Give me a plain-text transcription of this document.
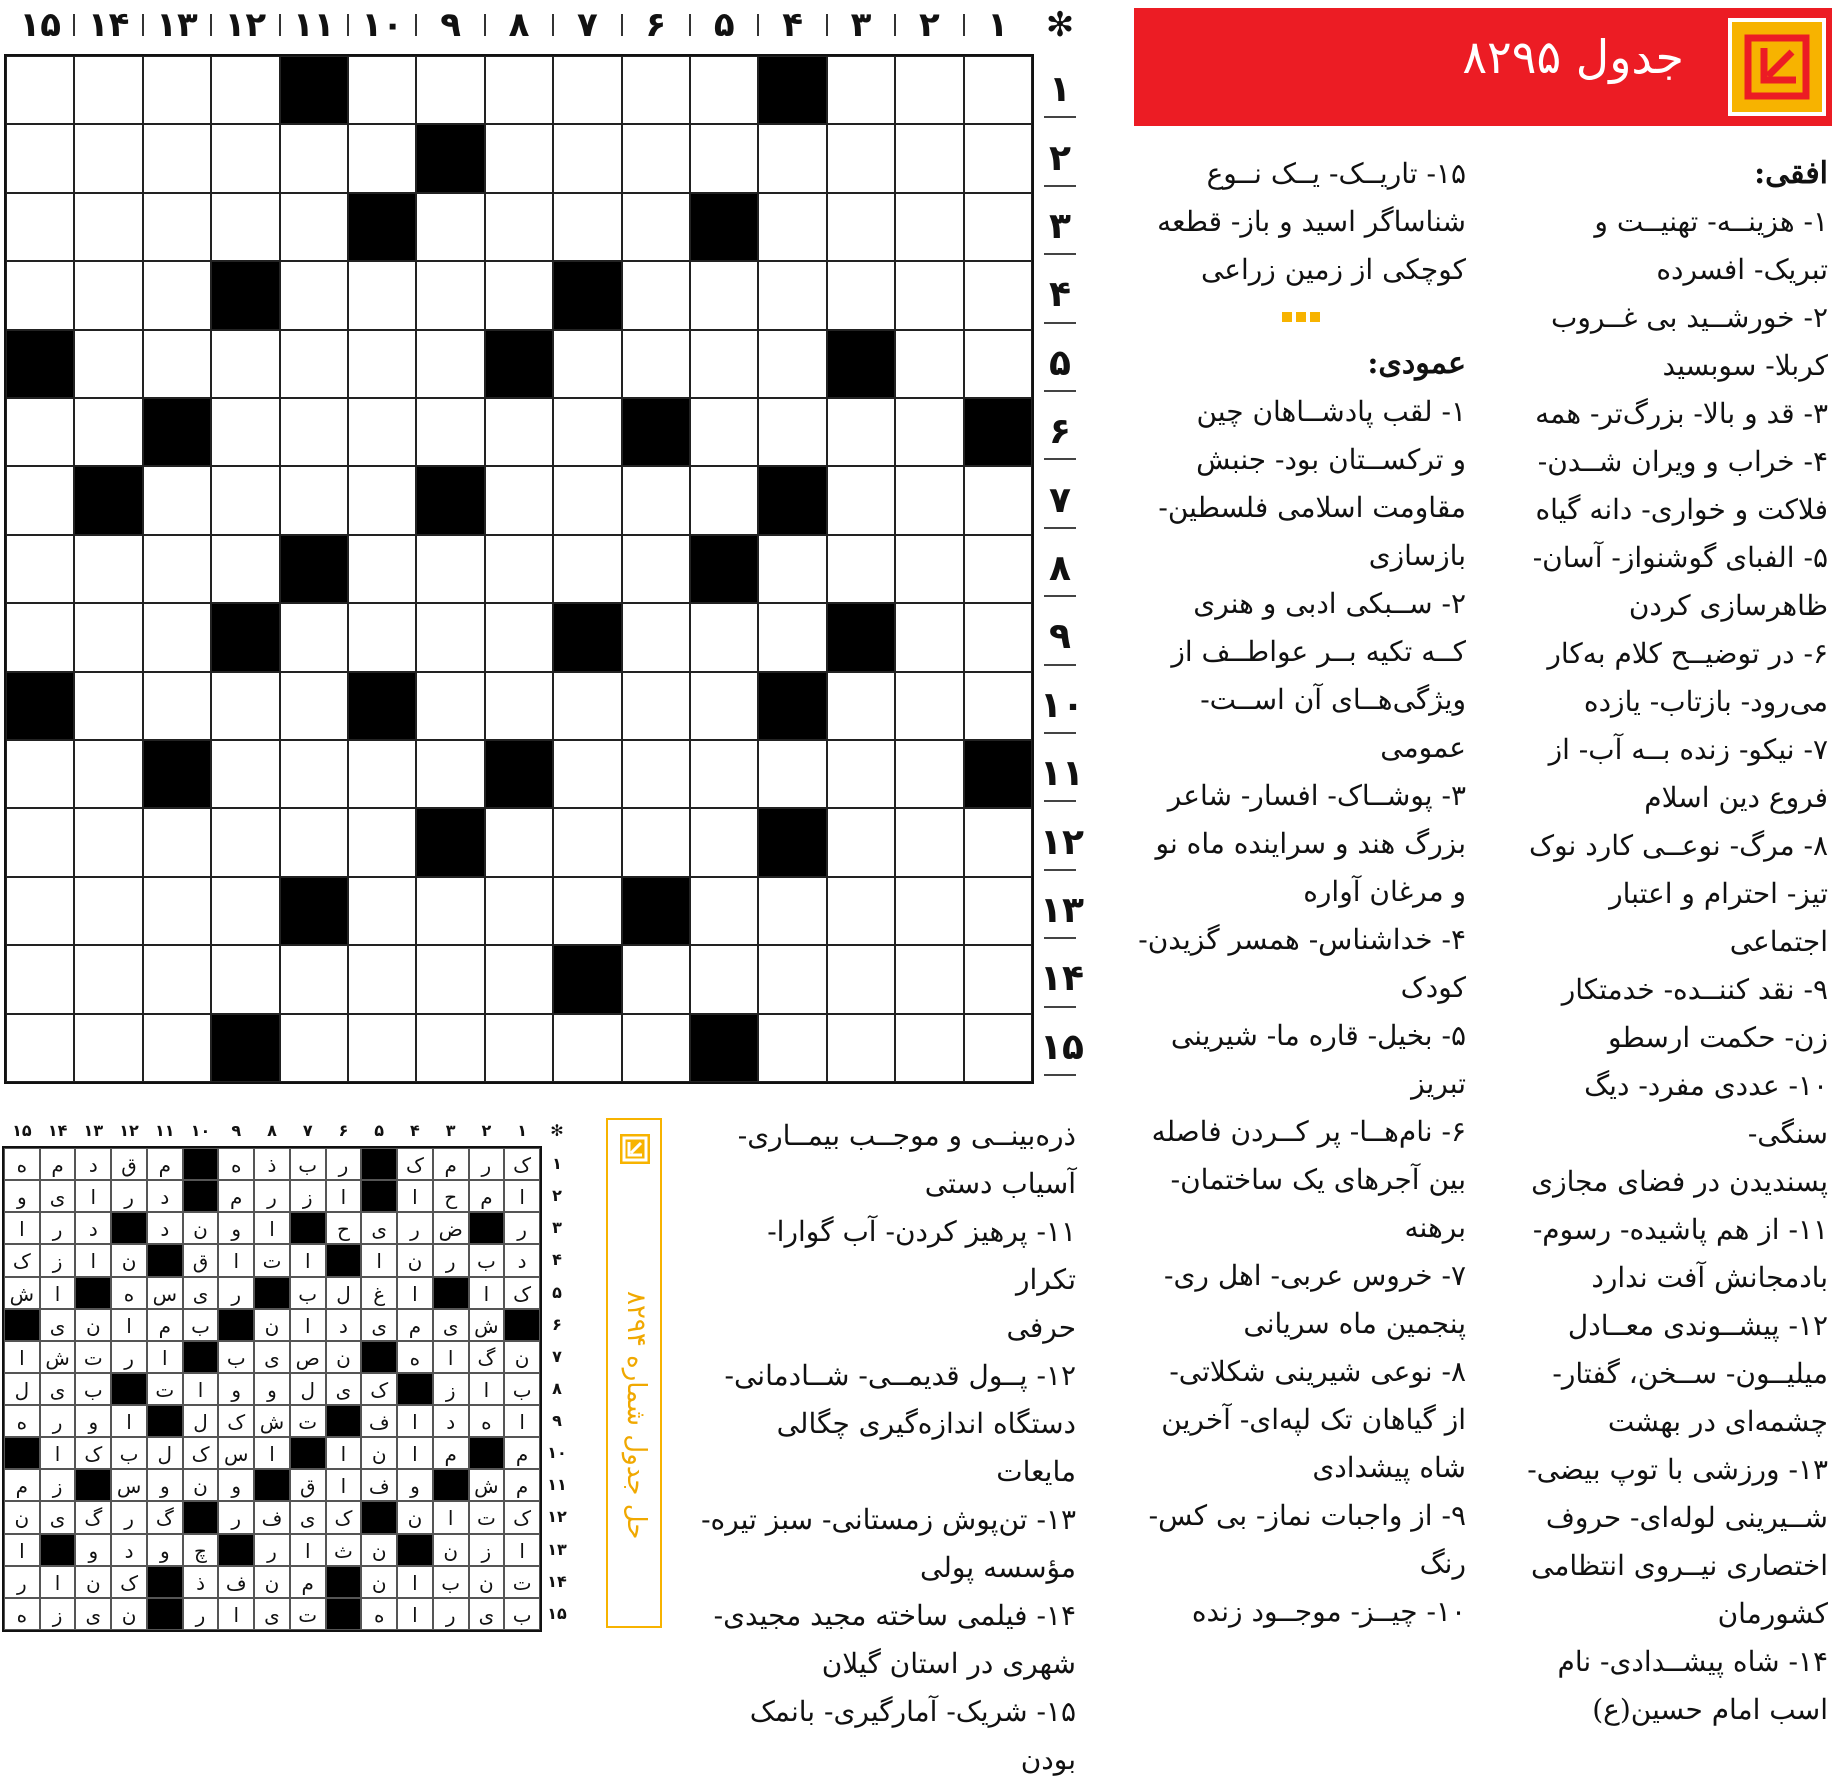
۱
۲
۳
۴
۵
۶
۷
۸
۹
۱۰
۱۱
۱۲
۱۳
۱۴
۱۵	✻
۱
۲
۳
۴
۵
۶
۷
۸
۹
۱۰
۱۱
۱۲
۱۳
۱۴
۱۵
جدول ۸۲۹۵
افقی:

۱- هزینــه- تهنیــت و

تبریک- افسرده

۲- خورشــید بی غــروب

کربلا- سوبسید

۳- قد و بالا- بزرگ‌تر- همه

۴- خراب و ویران شــدن-

فلاکت و خواری- دانه گیاه

۵- الفبای گوشنواز- آسان-

ظاهرسازی کردن

۶- در توضیــح کلام به‌کار

می‌رود- بازتاب- یازده

۷- نیکو- زنده بــه آب- از

فروع دین اسلام

۸- مرگ- نوعــی کارد نوک

تیز- احترام و اعتبار اجتماعی

۹- نقد کننــده- خدمتکار

زن- حکمت ارسطو

۱۰- عددی مفرد- دیگ سنگی-

پسندیدن در فضای مجازی

۱۱- از هم پاشیده- رسوم-

بادمجانش آفت ندارد

۱۲- پیشــوندی معــادل

میلیــون- ســخن، گفتار-

چشمه‌ای در بهشت

۱۳- ورزشی با توپ بیضی-

شــیرینی لوله‌ای- حروف

اختصاری نیــروی انتظامی

کشورمان

۱۴- شاه پیشــدادی- نام

اسب امام حسین(ع)

۱۵- تاریــک- یــک نــوع

شناساگر اسید و باز- قطعه

کوچکی از زمین زراعی

عمودی:

۱- لقب پادشــاهان چین

و ترکســتان بود- جنبش

مقاومت اسلامی فلسطین-

بازسازی

۲- ســبکی ادبی و هنری

کــه تکیه بــر عواطــف از

ویژگی‌هــای آن اســت-

عمومی

۳- پوشــاک- افسار- شاعر

بزرگ هند و سراینده ماه نو

و مرغان آواره

۴- خداشناس- همسر گزیدن-

کودک

۵- بخیل- قاره ما- شیرینی

تبریز

۶- نام‌هــا- پر کــردن فاصله

بین آجرهای یک ساختمان-

برهنه

۷- خروس عربی- اهل ری-

پنجمین ماه سریانی

۸- نوعی شیرینی شکلاتی-

از گیاهان تک لپه‌ای- آخرین

شاه پیشدادی

۹- از واجبات نماز- بی کس-

رنگ

۱۰- چیــز- موجــود زنده

ذره‌بینــی و موجــب بیمــاری-

آسیاب دستی

۱۱- پرهیز کردن- آب گوارا- تکرار

حرفی

۱۲- پــول قدیمــی- شــادمانی-

دستگاه اندازه‌گیری چگالی مایعات

۱۳- تن‌پوش زمستانی- سبز تیره-

مؤسسه پولی

۱۴- فیلمی ساخته مجید مجیدی-

شهری در استان گیلان

۱۵- شریک- آمارگیری- بانمک بودن

۱
۲
۳
۴
۵
۶
۷
۸
۹
۱۰
۱۱
۱۲
۱۳
۱۴
۱۵	✻
ک
ر
م
ک
ر
ب
ذ
ه
م
ق
د
م
ه
ا
م
ح
ا
ا
ز
ر
م
د
ر
ا
ی
و
ر
ض
ر
ی
ح
ا
و
ن
د
د
ر
ا
د
ب
ر
ن
ا
ا
ت
ا
ق
ن
ا
ز
ک
ک
ا
ا
غ
ل
ب
ر
ی
س
ه
ا
ش
ش
ی
م
ی
د
ا
ن
ب
م
ا
ن
ی
ن
گ
ا
ه
ن
ص
ی
ب
ا
ر
ت
ش
ا
ب
ا
ز
ک
ی
ل
و
و
ا
ت
ب
ی
ل
ا
ه
د
ا
ف
ت
ش
ک
ل
ا
و
ر
ه
م
م
ا
ن
ا
ا
س
ک
ل
ب
ک
ا
م
ش
و
ف
ا
ق
و
ن
و
س
ز
م
ک
ت
ا
ن
ک
ی
ف
ر
گ
ر
گ
ی
ن
ا
ز
ن
ن
ث
ا
ر
چ
و
د
و
ا
ت
ن
ب
ا
ن
م
ن
ف
ذ
ک
ن
ا
ر
ب
ی
ر
ا
ه
ت
ی
ا
ر
ن
ی
ز
ه
۱
۲
۳
۴
۵
۶
۷
۸
۹
۱۰
۱۱
۱۲
۱۳
۱۴
۱۵
حل جدول شماره ۸۲۹۴
